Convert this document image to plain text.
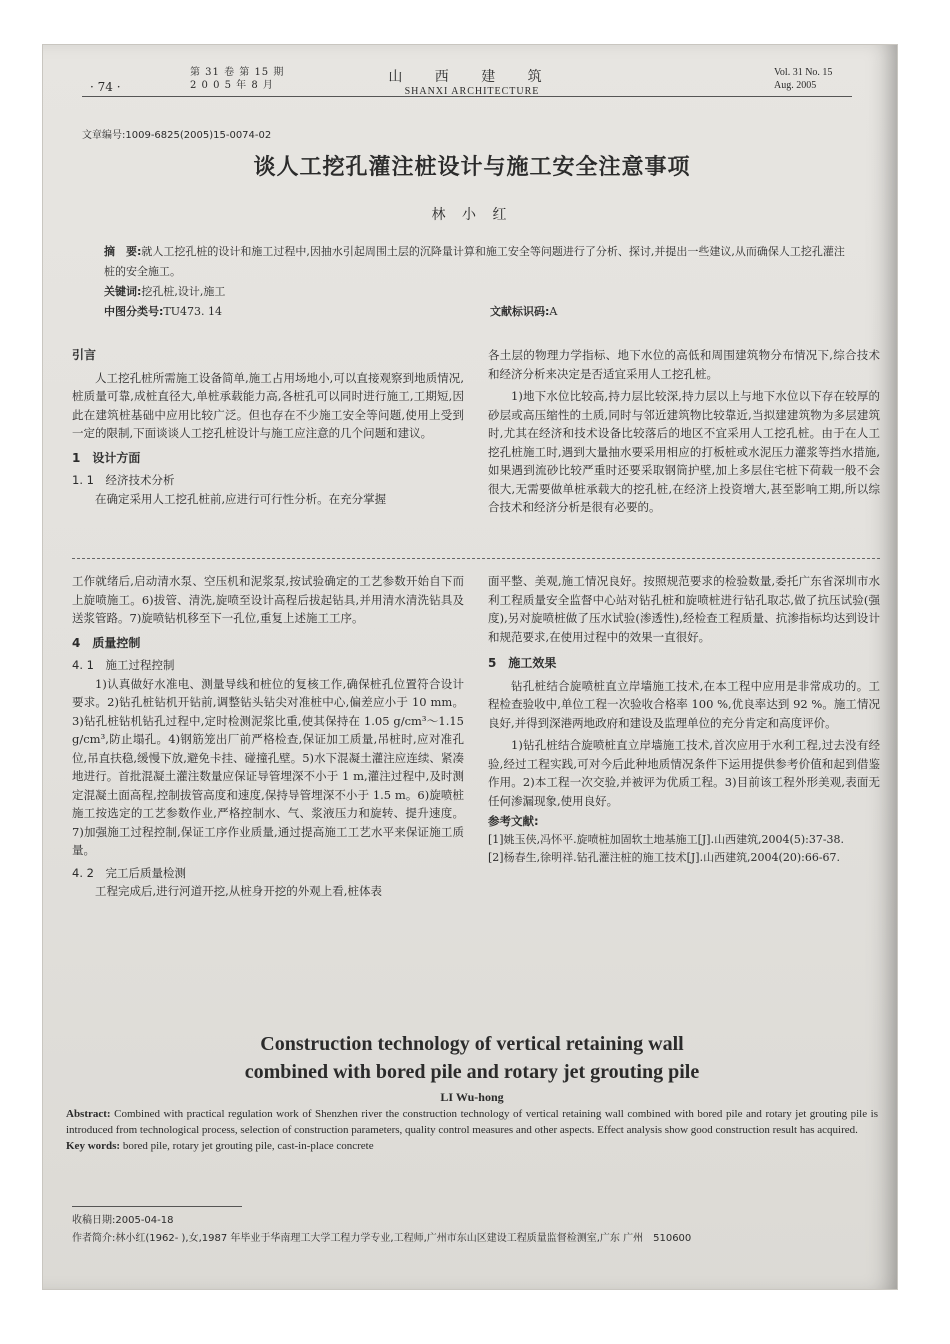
· 74 ·
第 31 卷 第 15 期
2 0 0 5 年 8 月
山 西 建 筑
SHANXI ARCHITECTURE
Vol. 31 No. 15
Aug. 2005
文章编号:1009-6825(2005)15-0074-02
谈人工挖孔灌注桩设计与施工安全注意事项
林 小 红
摘　要:就人工挖孔桩的设计和施工过程中,因抽水引起周围土层的沉降量计算和施工安全等问题进行了分析、探讨,并提出一些建议,从而确保人工挖孔灌注桩的安全施工。
关键词:挖孔桩,设计,施工
中图分类号:TU473. 14	文献标识码:A
引言

人工挖孔桩所需施工设备简单,施工占用场地小,可以直接观察到地质情况,桩质量可靠,成桩直径大,单桩承载能力高,各桩孔可以同时进行施工,工期短,因此在建筑桩基础中应用比较广泛。但也存在不少施工安全等问题,使用上受到一定的限制,下面谈谈人工挖孔桩设计与施工应注意的几个问题和建议。

1　设计方面
1. 1　经济技术分析

在确定采用人工挖孔桩前,应进行可行性分析。在充分掌握

各土层的物理力学指标、地下水位的高低和周围建筑物分布情况下,综合技术和经济分析来决定是否适宜采用人工挖孔桩。

1)地下水位比较高,持力层比较深,持力层以上与地下水位以下存在较厚的砂层或高压缩性的土质,同时与邻近建筑物比较靠近,当拟建建筑物为多层建筑时,尤其在经济和技术设备比较落后的地区不宜采用人工挖孔桩。由于在人工挖孔桩施工时,遇到大量抽水要采用相应的打板桩或水泥压力灌浆等挡水措施,如果遇到流砂比较严重时还要采取钢筒护壁,加上多层住宅桩下荷载一般不会很大,无需要做单桩承载大的挖孔桩,在经济上投资增大,甚至影响工期,所以综合技术和经济分析是很有必要的。

工作就绪后,启动清水泵、空压机和泥浆泵,按试验确定的工艺参数开始自下而上旋喷施工。6)拔管、清洗,旋喷至设计高程后拔起钻具,并用清水清洗钻具及送浆管路。7)旋喷钻机移至下一孔位,重复上述施工工序。

4　质量控制
4. 1　施工过程控制

1)认真做好水准电、测量导线和桩位的复核工作,确保桩孔位置符合设计要求。2)钻孔桩钻机开钻前,调整钻头钻尖对准桩中心,偏差应小于 10 mm。3)钻孔桩钻机钻孔过程中,定时检测泥浆比重,使其保持在 1.05 g/cm³～1.15 g/cm³,防止塌孔。4)钢筋笼出厂前严格检查,保证加工质量,吊桩时,应对准孔位,吊直扶稳,缓慢下放,避免卡挂、碰撞孔壁。5)水下混凝土灌注应连续、紧凑地进行。首批混凝土灌注数量应保证导管埋深不小于 1 m,灌注过程中,及时测定混凝土面高程,控制拔管高度和速度,保持导管埋深不小于 1.5 m。6)旋喷桩施工按选定的工艺参数作业,严格控制水、气、浆液压力和旋转、提升速度。7)加强施工过程控制,保证工序作业质量,通过提高施工工艺水平来保证施工质量。

4. 2　完工后质量检测

工程完成后,进行河道开挖,从桩身开挖的外观上看,桩体表

面平整、美观,施工情况良好。按照规范要求的检验数量,委托广东省深圳市水利工程质量安全监督中心站对钻孔桩和旋喷桩进行钻孔取芯,做了抗压试验(强度),另对旋喷桩做了压水试验(渗透性),经检查工程质量、抗渗指标均达到设计和规范要求,在使用过程中的效果一直很好。

5　施工效果

钻孔桩结合旋喷桩直立岸墙施工技术,在本工程中应用是非常成功的。工程检查验收中,单位工程一次验收合格率 100 %,优良率达到 92 %。施工情况良好,并得到深港两地政府和建设及监理单位的充分肯定和高度评价。

1)钻孔桩结合旋喷桩直立岸墙施工技术,首次应用于水利工程,过去没有经验,经过工程实践,可对今后此种地质情况条件下运用提供参考价值和起到借鉴作用。2)本工程一次交验,并被评为优质工程。3)目前该工程外形美观,表面无任何渗漏现象,使用良好。

参考文献:
[1]姚玉侠,冯怀平.旋喷桩加固软土地基施工[J].山西建筑,2004(5):37-38.
[2]杨春生,徐明祥.钻孔灌注桩的施工技术[J].山西建筑,2004(20):66-67.
Construction technology of vertical retaining wall
combined with bored pile and rotary jet grouting pile
LI Wu-hong
Abstract: Combined with practical regulation work of Shenzhen river the construction technology of vertical retaining wall combined with bored pile and rotary jet grouting pile is introduced from technological process, selection of construction parameters, quality control measures and other aspects. Effect analysis show good construction result has acquired.
Key words: bored pile, rotary jet grouting pile, cast-in-place concrete
收稿日期:2005-04-18
作者简介:林小红(1962- ),女,1987 年毕业于华南理工大学工程力学专业,工程师,广州市东山区建设工程质量监督检测室,广东 广州　510600
